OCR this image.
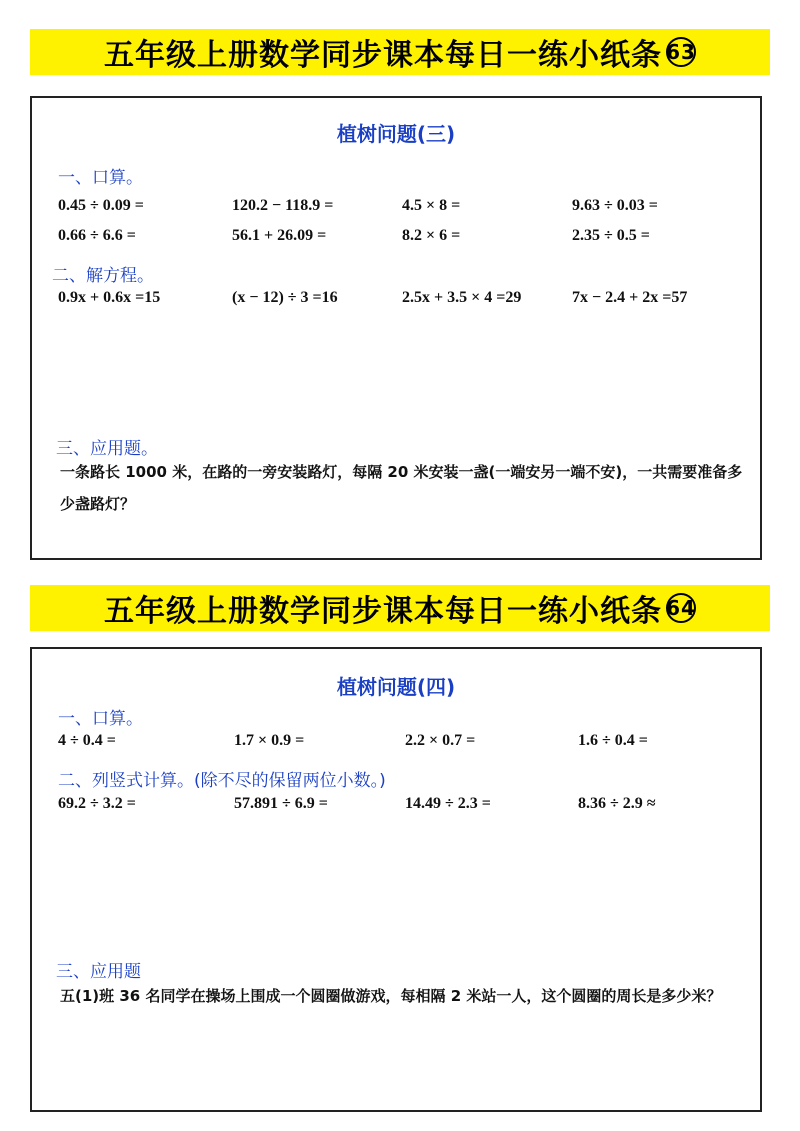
五年级上册数学同步课本每日一练小纸条 63
植树问题(三)
一、口算。
0.45 ÷ 0.09 =	120.2 − 118.9 =	4.5 × 8 =	9.63 ÷ 0.03 =
0.66 ÷ 6.6 =	56.1 + 26.09 =	8.2 × 6 =	2.35 ÷ 0.5 =
二、解方程。
0.9x + 0.6x =15	(x − 12) ÷ 3 =16	2.5x + 3.5 × 4 =29	7x − 2.4 + 2x =57
三、应用题。
一条路长 1000 米，在路的一旁安装路灯，每隔 20 米安装一盏(一端安另一端不安)，一共需要准备多少盏路灯？
五年级上册数学同步课本每日一练小纸条 64
植树问题(四)
一、口算。
4 ÷ 0.4 =	1.7 × 0.9 =	2.2 × 0.7 =	1.6 ÷ 0.4 =
二、列竖式计算。(除不尽的保留两位小数。)
69.2 ÷ 3.2 =	57.891 ÷ 6.9 =	14.49 ÷ 2.3 =	8.36 ÷ 2.9 ≈
三、应用题
五(1)班 36 名同学在操场上围成一个圆圈做游戏，每相隔 2 米站一人，这个圆圈的周长是多少米？
